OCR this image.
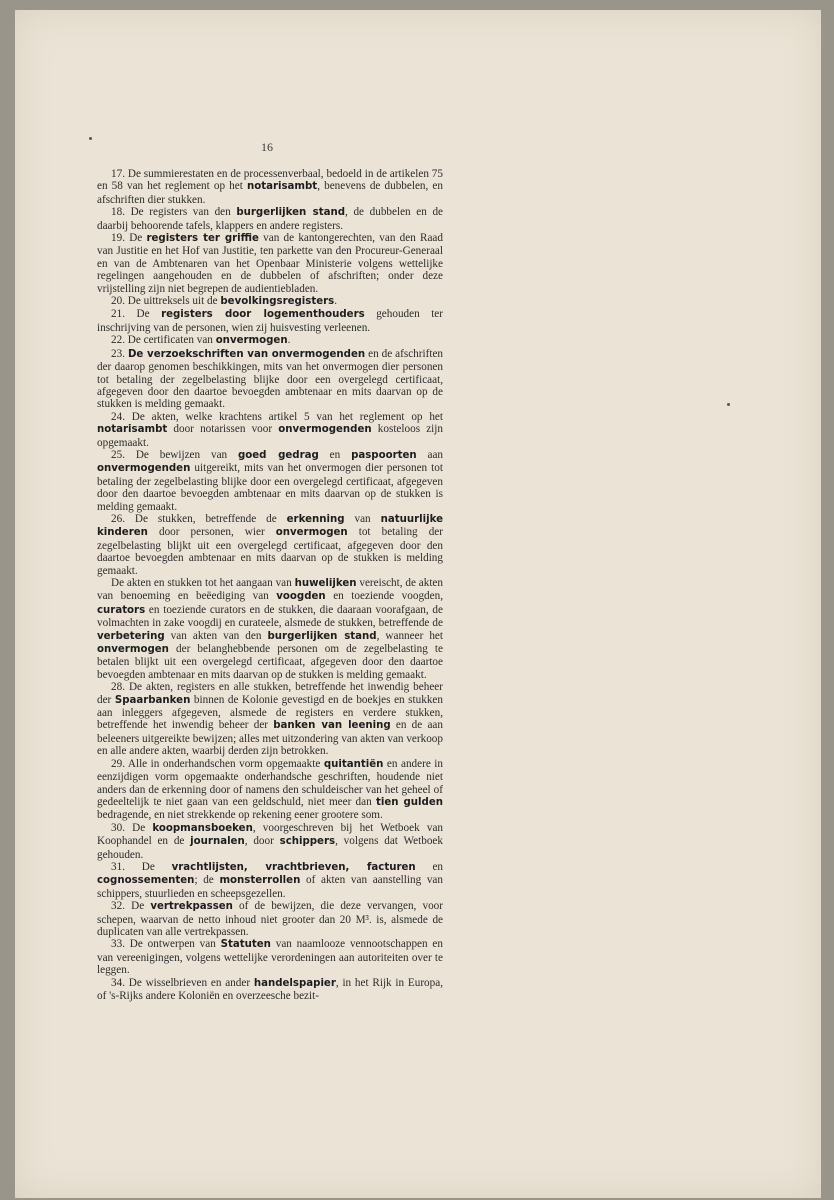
16

17. De summierestaten en de processenverbaal, bedoeld in de artikelen 75 en 58 van het reglement op het notarisambt, benevens de dubbelen, en afschriften dier stukken.

18. De registers van den burgerlijken stand, de dubbelen en de daarbij behoorende tafels, klappers en andere registers.

19. De registers ter griffie van de kantongerechten, van den Raad van Justitie en het Hof van Justitie, ten parkette van den Procureur-Generaal en van de Ambtenaren van het Openbaar Ministerie volgens wettelijke regelingen aangehouden en de dubbelen of afschriften; onder deze vrijstelling zijn niet begrepen de audientiebladen.

20. De uittreksels uit de bevolkingsregisters.

21. De registers door logementhouders gehouden ter inschrijving van de personen, wien zij huisvesting verleenen.

22. De certificaten van onvermogen.

23. De verzoekschriften van onvermogenden en de afschriften der daarop genomen beschikkingen, mits van het onvermogen dier personen tot betaling der zegelbelasting blijke door een overgelegd certificaat, afgegeven door den daartoe bevoegden ambtenaar en mits daarvan op de stukken is melding gemaakt.

24. De akten, welke krachtens artikel 5 van het reglement op het notarisambt door notarissen voor onvermogenden kosteloos zijn opgemaakt.

25. De bewijzen van goed gedrag en paspoorten aan onvermogenden uitgereikt, mits van het onvermogen dier personen tot betaling der zegelbelasting blijke door een overgelegd certificaat, afgegeven door den daartoe bevoegden ambtenaar en mits daarvan op de stukken is melding gemaakt.

26. De stukken, betreffende de erkenning van natuurlijke kinderen door personen, wier onvermogen tot betaling der zegelbelasting blijkt uit een overgelegd certificaat, afgegeven door den daartoe bevoegden ambtenaar en mits daarvan op de stukken is melding gemaakt.

De akten en stukken tot het aangaan van huwelijken vereischt, de akten van benoeming en beëediging van voogden en toeziende voogden, curators en toeziende curators en de stukken, die daaraan voorafgaan, de volmachten in zake voogdij en curateele, alsmede de stukken, betreffende de verbetering van akten van den burgerlijken stand, wanneer het onvermogen der belanghebbende personen om de zegelbelasting te betalen blijkt uit een overgelegd certificaat, afgegeven door den daartoe bevoegden ambtenaar en mits daarvan op de stukken is melding gemaakt.

28. De akten, registers en alle stukken, betreffende het inwendig beheer der Spaarbanken binnen de Kolonie gevestigd en de boekjes en stukken aan inleggers afgegeven, alsmede de registers en verdere stukken, betreffende het inwendig beheer der banken van leening en de aan beleeners uitgereikte bewijzen; alles met uitzondering van akten van verkoop en alle andere akten, waarbij derden zijn betrokken.

29. Alle in onderhandschen vorm opgemaakte quitantiën en andere in eenzijdigen vorm opgemaakte onderhandsche geschriften, houdende niet anders dan de erkenning door of namens den schuldeischer van het geheel of gedeeltelijk te niet gaan van een geldschuld, niet meer dan tien gulden bedragende, en niet strekkende op rekening eener grootere som.

30. De koopmansboeken, voorgeschreven bij het Wetboek van Koophandel en de journalen, door schippers, volgens dat Wetboek gehouden.

31. De vrachtlijsten, vrachtbrieven, facturen en cognossementen; de monsterrollen of akten van aanstelling van schippers, stuurlieden en scheepsgezellen.

32. De vertrekpassen of de bewijzen, die deze vervangen, voor schepen, waarvan de netto inhoud niet grooter dan 20 M³. is, alsmede de duplicaten van alle vertrekpassen.

33. De ontwerpen van Statuten van naamlooze vennootschappen en van vereenigingen, volgens wettelijke verordeningen aan autoriteiten over te leggen.

34. De wisselbrieven en ander handelspapier, in het Rijk in Europa, of 's-Rijks andere Koloniën en overzeesche bezit-
